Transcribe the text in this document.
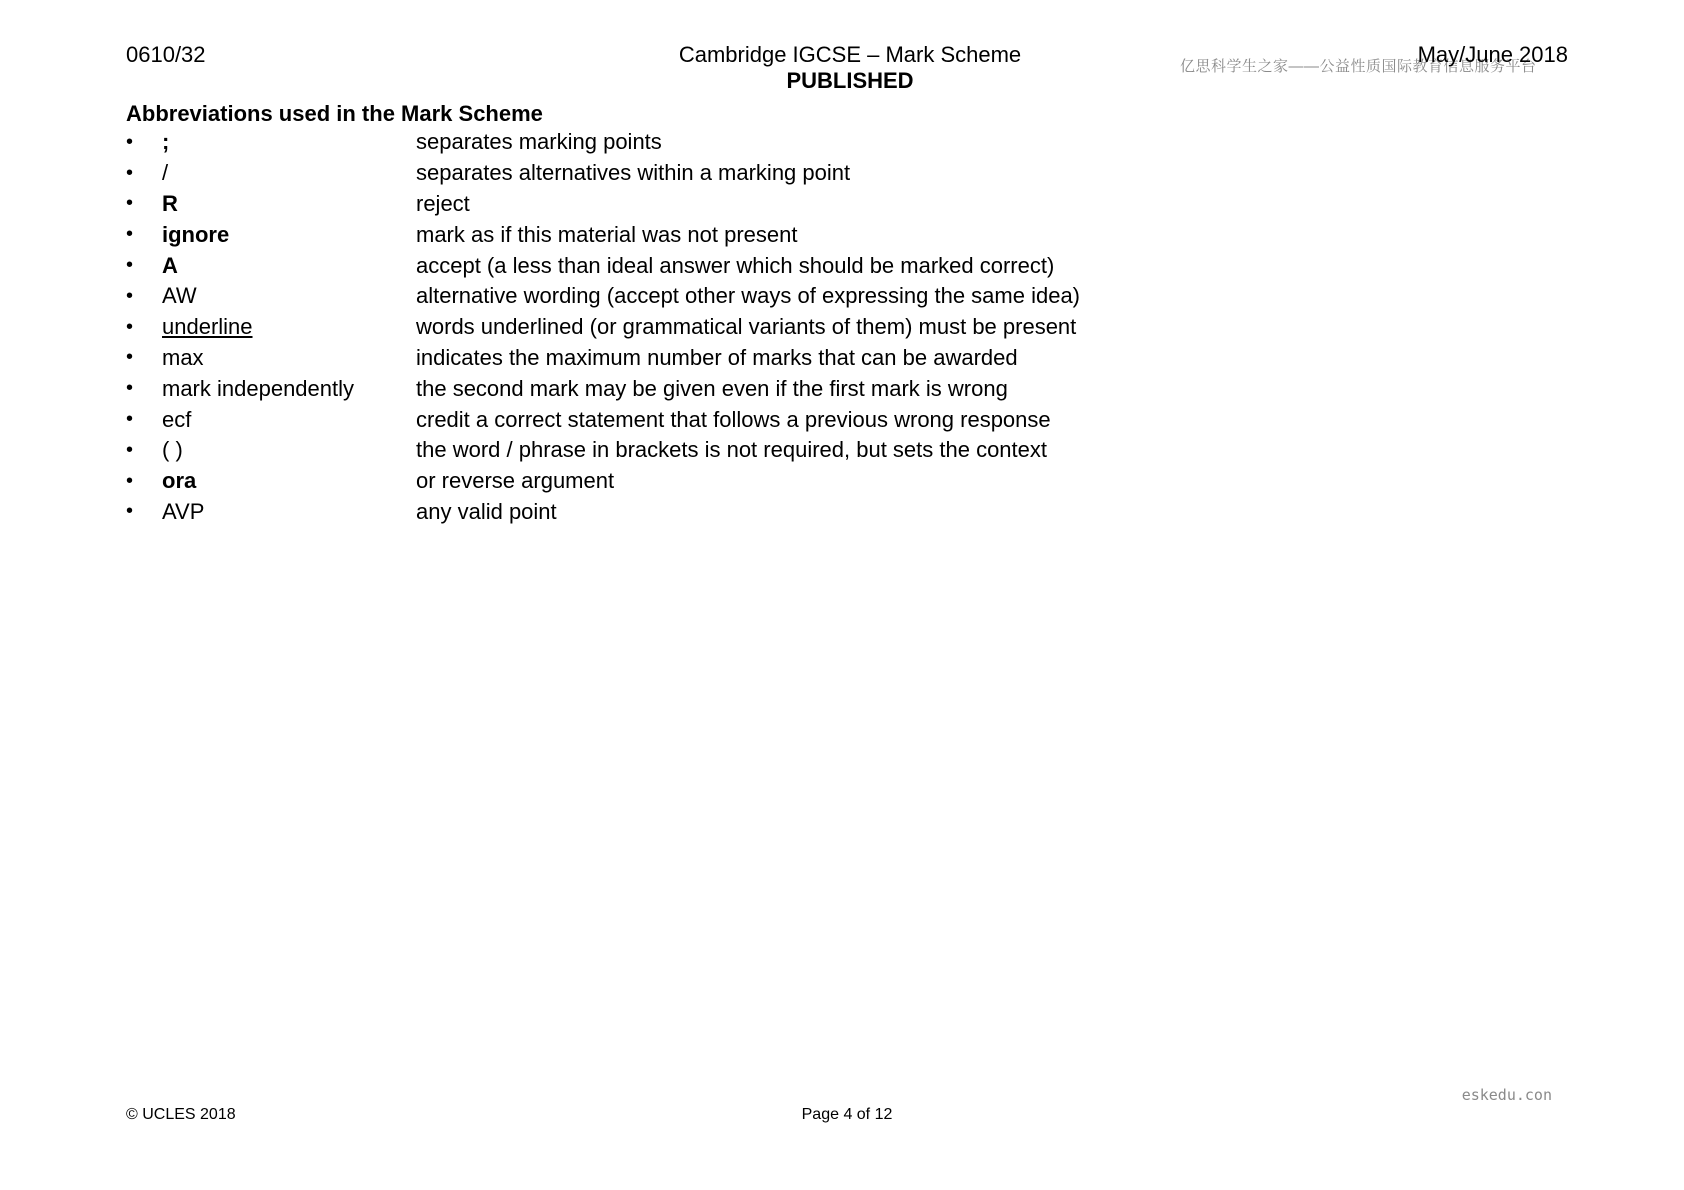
0610/32	Cambridge IGCSE – Mark Scheme
PUBLISHED
亿思科学生之家——公益性质国际教育信息服务平台
May/June 2018
Abbreviations used in the Mark Scheme
•	;	separates marking points
•	/	separates alternatives within a marking point
•	R	reject
•	ignore	mark as if this material was not present
•	A	accept (a less than ideal answer which should be marked correct)
•	AW	alternative wording (accept other ways of expressing the same idea)
•	underline	words underlined (or grammatical variants of them) must be present
•	max	indicates the maximum number of marks that can be awarded
•	mark independently	the second mark may be given even if the first mark is wrong
•	ecf	credit a correct statement that follows a previous wrong response
•	( )	the word / phrase in brackets is not required, but sets the context
•	ora	or reverse argument
•	AVP	any valid point
eskedu.con
© UCLES 2018	Page 4 of 12
